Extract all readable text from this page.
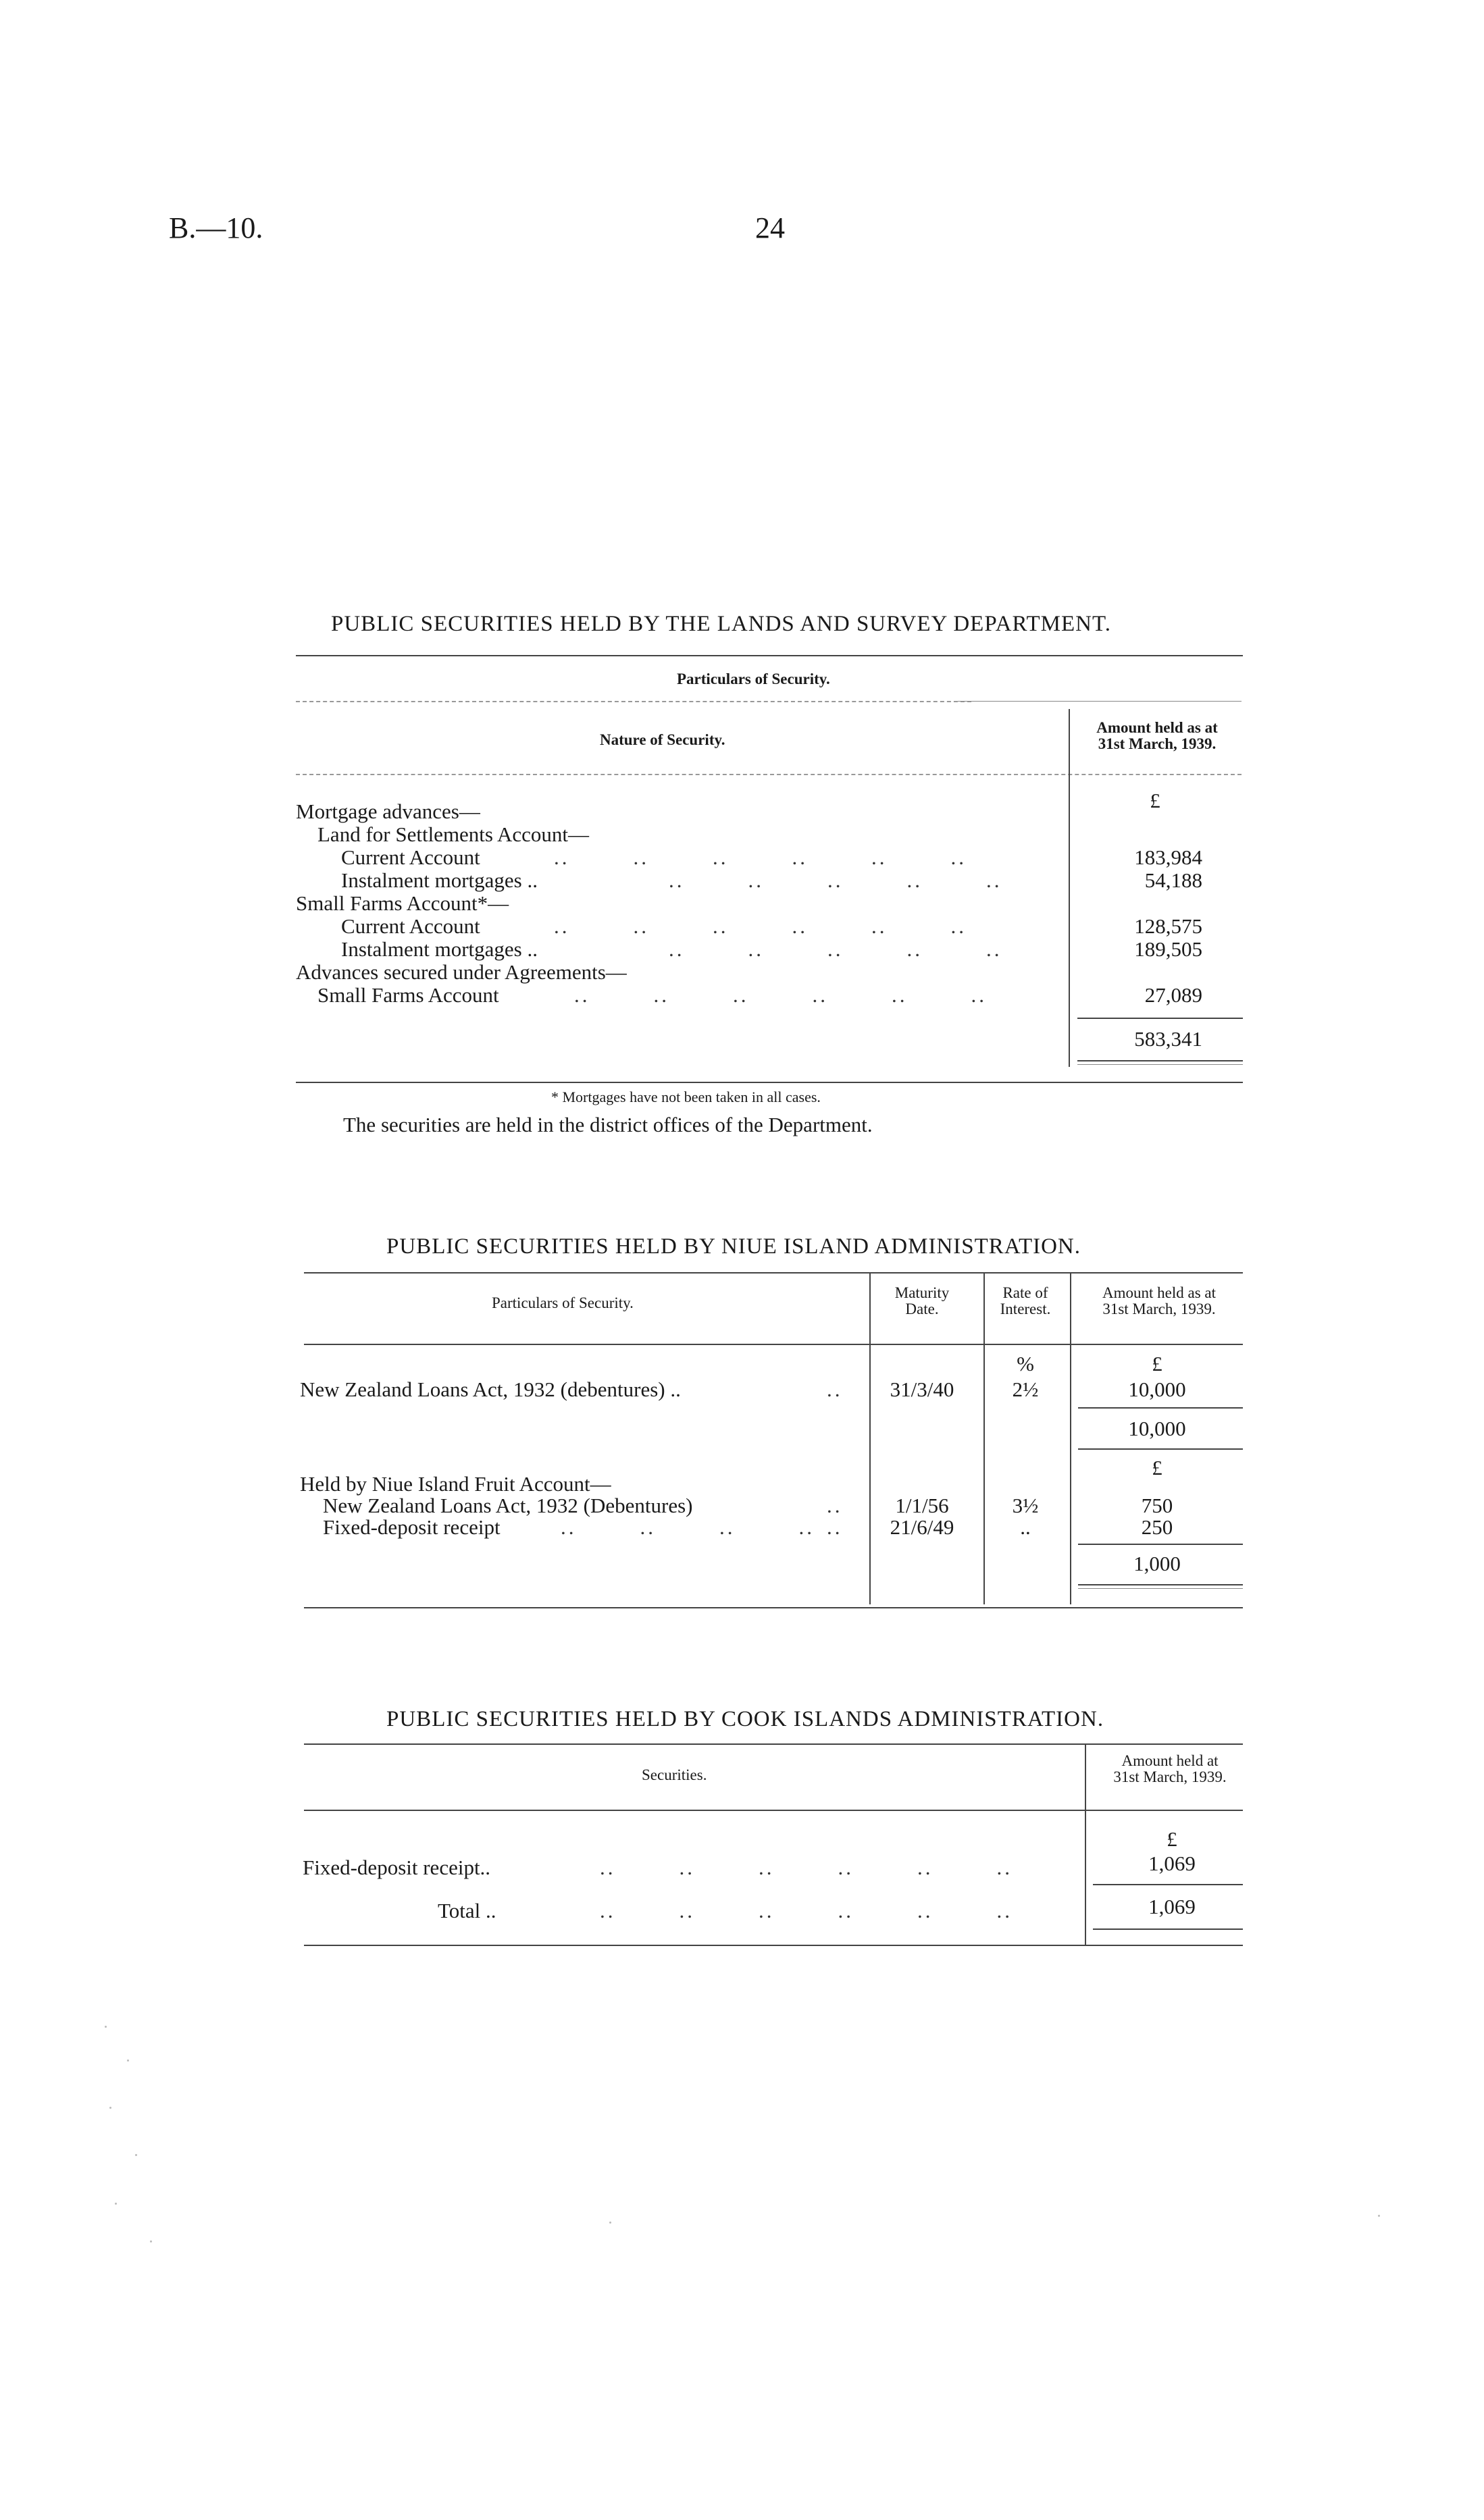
B.—10.	24
PUBLIC SECURITIES HELD BY THE LANDS AND SURVEY DEPARTMENT.
Particulars of Security.
Nature of Security.
Amount held as at
31st March, 1939.
£
Mortgage advances—
Land for Settlements Account—
Current Account	..        ..        ..        ..        ..        ..	183,984
Instalment mortgages ..	..        ..        ..        ..        ..	54,188
Small Farms Account*—
Current Account	..        ..        ..        ..        ..        ..	128,575
Instalment mortgages ..	..        ..        ..        ..        ..	189,505
Advances secured under Agreements—
Small Farms Account	..        ..        ..        ..        ..        ..	27,089
583,341
* Mortgages have not been taken in all cases.
The securities are held in the district offices of the Department.
PUBLIC SECURITIES HELD BY NIUE ISLAND ADMINISTRATION.
Particulars of Security.
Maturity
Date.
Rate of
Interest.
Amount held as at
31st March, 1939.
%	£
New Zealand Loans Act, 1932 (debentures) ..	..	31/3/40	2½	10,000
10,000
£
Held by Niue Island Fruit Account—
New Zealand Loans Act, 1932 (Debentures)	..	1/1/56	3½	750
Fixed-deposit receipt	..        ..        ..        .. ..	21/6/49	..	250
1,000
PUBLIC SECURITIES HELD BY COOK ISLANDS ADMINISTRATION.
Securities.
Amount held at
31st March, 1939.
£
Fixed-deposit receipt..	..        ..        ..        ..        ..        ..	1,069
Total ..	..        ..        ..        ..        ..        ..	1,069
